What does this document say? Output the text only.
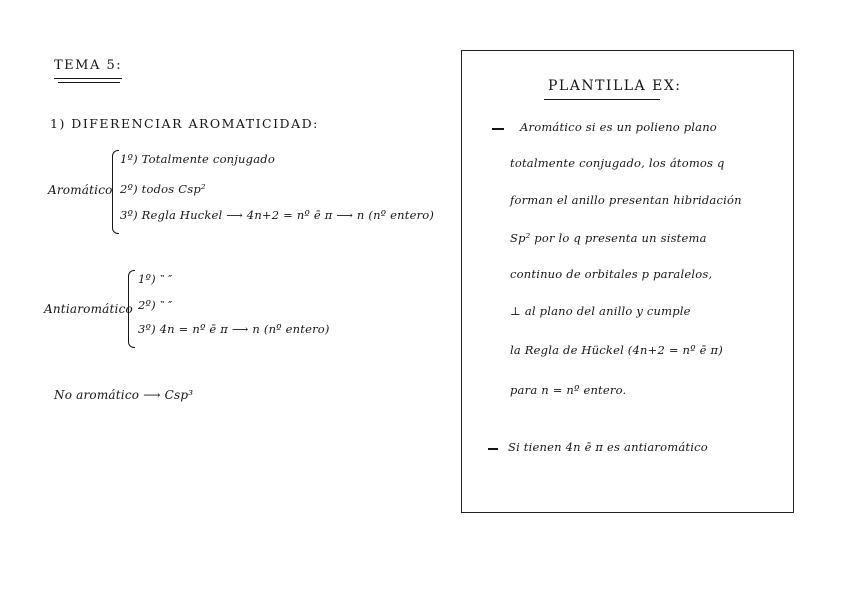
TEMA 5:
1) DIFERENCIAR AROMATICIDAD:
Aromático
1º) Totalmente conjugado
2º) todos Csp²
3º) Regla Huckel ⟶ 4n+2 = nº ē π ⟶ n (nº entero)
Antiaromático
1º) ‶ ″
2º) ‶ ″
3º) 4n = nº ē π ⟶ n (nº entero)
No aromático ⟶ Csp³
PLANTILLA EX:
Aromático si es un polieno plano
totalmente conjugado, los átomos q
forman el anillo presentan hibridación
Sp² por lo q presenta un sistema
continuo de orbitales p paralelos,
⊥ al plano del anillo y cumple
la Regla de Hückel (4n+2 = nº ē π)
para n = nº entero.
Si tienen 4n ē π es antiaromático
